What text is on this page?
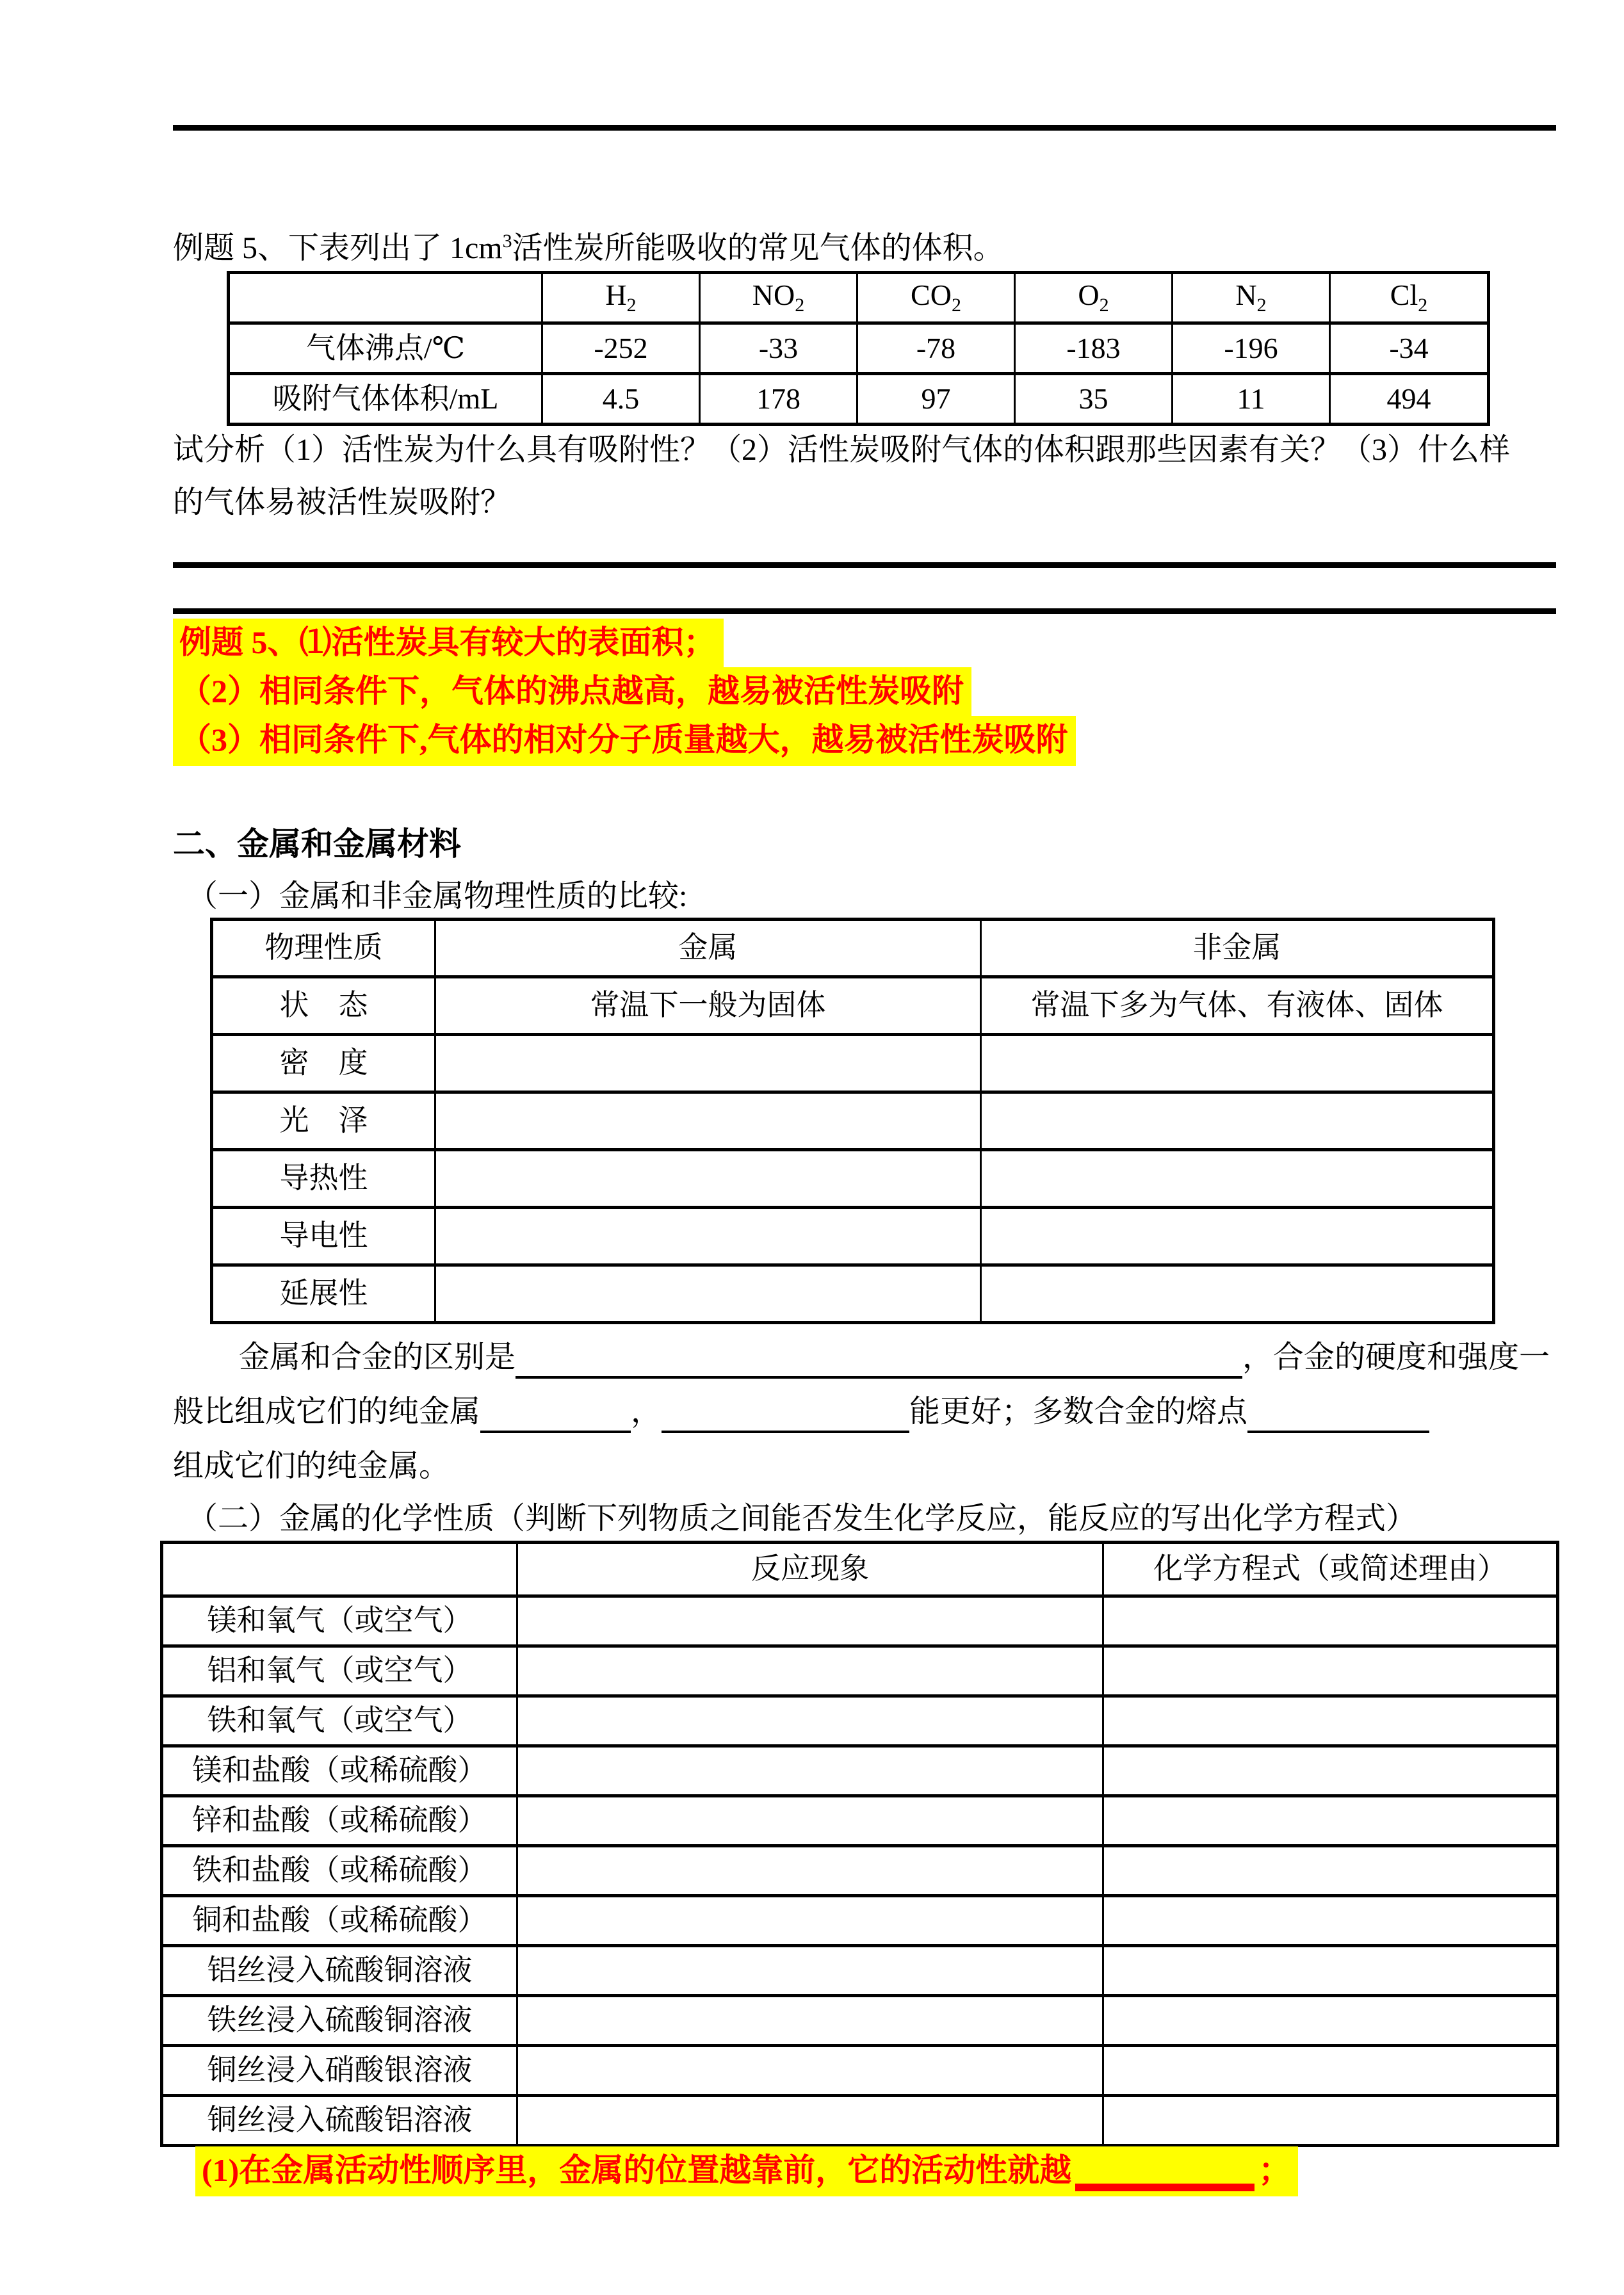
例题 5、下表列出了 $1cm^3$活性炭所能吸收的常见气体的体积。
	$H_2$	$NO_2$	$CO_2$	$O_2$	$N_2$	$Cl_2$
气体沸点/℃	-252	-33	-78	-183	-196	-34
吸附气体体积/mL	4.5	178	97	35	11	494
试分析（1）活性炭为什么具有吸附性？（2）活性炭吸附气体的体积跟那些因素有关？（3）什么样的气体易被活性炭吸附？
例题 5、⑴活性炭具有较大的表面积；
（2）相同条件下，气体的沸点越高，越易被活性炭吸附
（3）相同条件下,气体的相对分子质量越大，越易被活性炭吸附
二、金属和金属材料
（一）金属和非金属物理性质的比较:
物理性质	金属	非金属
状　态	常温下一般为固体	常温下多为气体、有液体、固体
密　度		
光　泽		
导热性		
导电性		
延展性		
金属和合金的区别是	，合金的硬度和强度一
般比组成它们的纯金属	，	能更好；多数合金的熔点
组成它们的纯金属。
（二）金属的化学性质（判断下列物质之间能否发生化学反应，能反应的写出化学方程式）
	反应现象	化学方程式（或简述理由）
镁和氧气（或空气）		
铝和氧气（或空气）		
铁和氧气（或空气）		
镁和盐酸（或稀硫酸）		
锌和盐酸（或稀硫酸）		
铁和盐酸（或稀硫酸）		
铜和盐酸（或稀硫酸）		
铝丝浸入硫酸铜溶液		
铁丝浸入硫酸铜溶液		
铜丝浸入硝酸银溶液		
铜丝浸入硫酸铝溶液		
(1)在金属活动性顺序里，金属的位置越靠前，它的活动性就越	；
